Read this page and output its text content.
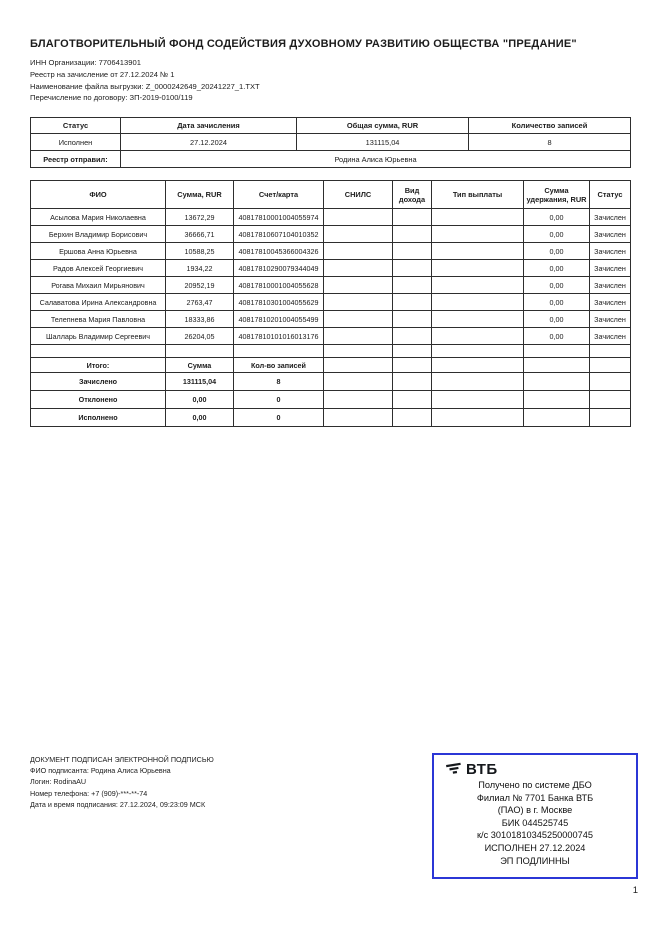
БЛАГОТВОРИТЕЛЬНЫЙ ФОНД СОДЕЙСТВИЯ ДУХОВНОМУ РАЗВИТИЮ ОБЩЕСТВА "ПРЕДАНИЕ"
ИНН Организации: 7706413901
Реестр на зачисление от 27.12.2024 № 1
Наименование файла выгрузки: Z_0000242649_20241227_1.TXT
Перечисление по договору: ЗП-2019-0100/119
Статус	Дата зачисления	Общая сумма, RUR	Количество записей
Исполнен	27.12.2024	131115,04	8
Реестр отправил:	Родина Алиса Юрьевна		
ФИО	Сумма, RUR	Счет/карта	СНИЛС	Вид дохода	Тип выплаты	Сумма удержания, RUR	Статус
Асылова Мария Николаевна	13672,29	40817810001004055974				0,00	Зачислен
Берхин Владимир Борисович	36666,71	40817810607104010352				0,00	Зачислен
Ершова Анна Юрьевна	10588,25	40817810045366004326				0,00	Зачислен
Радов Алексей Георгиевич	1934,22	40817810290079344049				0,00	Зачислен
Рогава Михаил Мирьянович	20952,19	40817810001004055628				0,00	Зачислен
Салаватова Ирина Александровна	2763,47	40817810301004055629				0,00	Зачислен
Телепнева Мария Павловна	18333,86	40817810201004055499				0,00	Зачислен
Шалларь Владимир Сергеевич	26204,05	40817810101016013176				0,00	Зачислен

Итого:	Сумма	Кол-во записей					
Зачислено	131115,04	8					
Отклонено	0,00	0					
Исполнено	0,00	0					
ДОКУМЕНТ ПОДПИСАН ЭЛЕКТРОННОЙ ПОДПИСЬЮ
ФИО подписанта: Родина Алиса Юрьевна
Логин: RodinaAU
Номер телефона: +7 (909)-***-**-74
Дата и время подписания: 27.12.2024, 09:23:09 МСК
ВТБ
Получено по системе ДБО
Филиал № 7701 Банка ВТБ
(ПАО) в г. Москве
БИК 044525745
к/с 30101810345250000745
ИСПОЛНЕН 27.12.2024
ЭП ПОДЛИННЫ
1
